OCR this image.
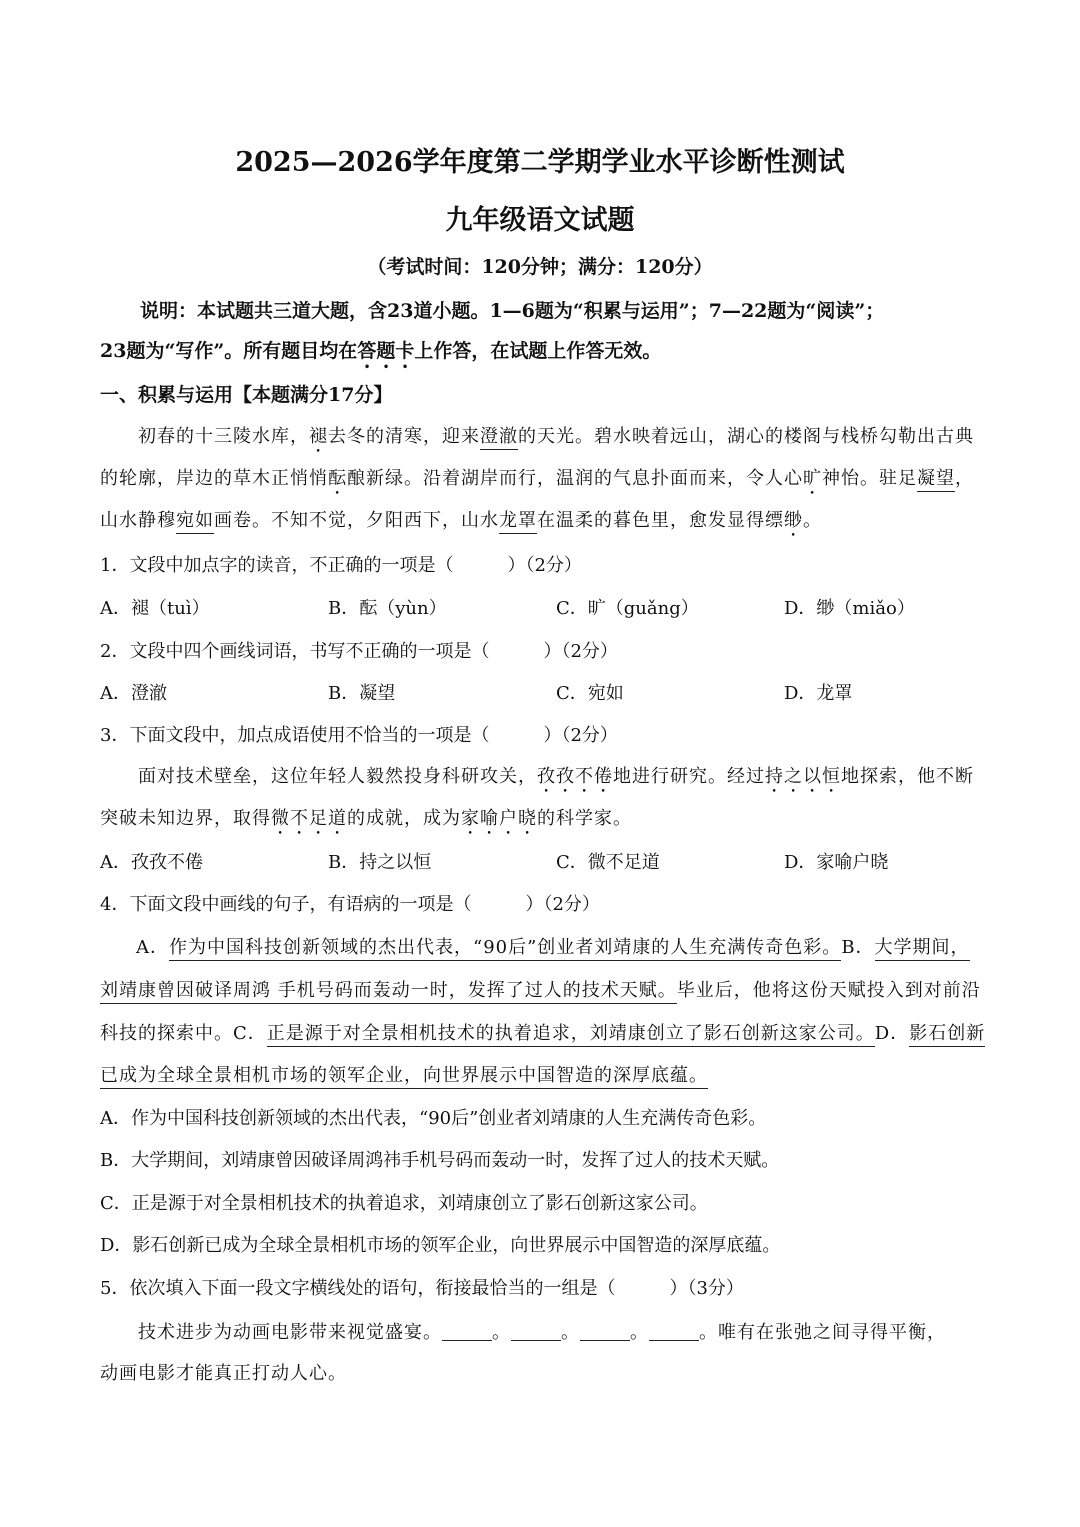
2025—2026学年度第二学期学业水平诊断性测试
九年级语文试题
（考试时间：120分钟；满分：120分）
说明：本试题共三道大题，含23道小题。1—6题为“积累与运用”；7—22题为“阅读”；
23题为“写作”。所有题目均在答题卡上作答，在试题上作答无效。
一、积累与运用【本题满分17分】
初春的十三陵水库，褪去冬的清寒，迎来澄澈的天光。碧水映着远山，湖心的楼阁与栈桥勾勒出古典
的轮廓，岸边的草木正悄悄酝酿新绿。沿着湖岸而行，温润的气息扑面而来，令人心旷神怡。驻足凝望，
山水静穆宛如画卷。不知不觉，夕阳西下，山水龙罩在温柔的暮色里，愈发显得缥缈。
1．文段中加点字的读音，不正确的一项是（　　　）（2分）
A．褪（tuì）	B．酝（yùn）	C．旷（guǎng）	D．缈（miǎo）
2．文段中四个画线词语，书写不正确的一项是（　　　）（2分）
A．澄澈	B．凝望	C．宛如	D．龙罩
3．下面文段中，加点成语使用不恰当的一项是（　　　）（2分）
面对技术壁垒，这位年轻人毅然投身科研攻关，孜孜不倦地进行研究。经过持之以恒地探索，他不断
突破未知边界，取得微不足道的成就，成为家喻户晓的科学家。
A．孜孜不倦	B．持之以恒	C．微不足道	D．家喻户晓
4．下面文段中画线的句子，有语病的一项是（　　　）（2分）
A．作为中国科技创新领域的杰出代表，“90后”创业者刘靖康的人生充满传奇色彩。B．大学期间，
刘靖康曾因破译周鸿 手机号码而轰动一时，发挥了过人的技术天赋。毕业后，他将这份天赋投入到对前沿
科技的探索中。C．正是源于对全景相机技术的执着追求，刘靖康创立了影石创新这家公司。D．影石创新
已成为全球全景相机市场的领军企业，向世界展示中国智造的深厚底蕴。
A．作为中国科技创新领域的杰出代表，“90后”创业者刘靖康的人生充满传奇色彩。
B．大学期间，刘靖康曾因破译周鸿祎手机号码而轰动一时，发挥了过人的技术天赋。
C．正是源于对全景相机技术的执着追求，刘靖康创立了影石创新这家公司。
D．影石创新已成为全球全景相机市场的领军企业，向世界展示中国智造的深厚底蕴。
5．依次填入下面一段文字横线处的语句，衔接最恰当的一组是（　　　）（3分）
技术进步为动画电影带来视觉盛宴。	。	。	。	。唯有在张弛之间寻得平衡，
动画电影才能真正打动人心。
